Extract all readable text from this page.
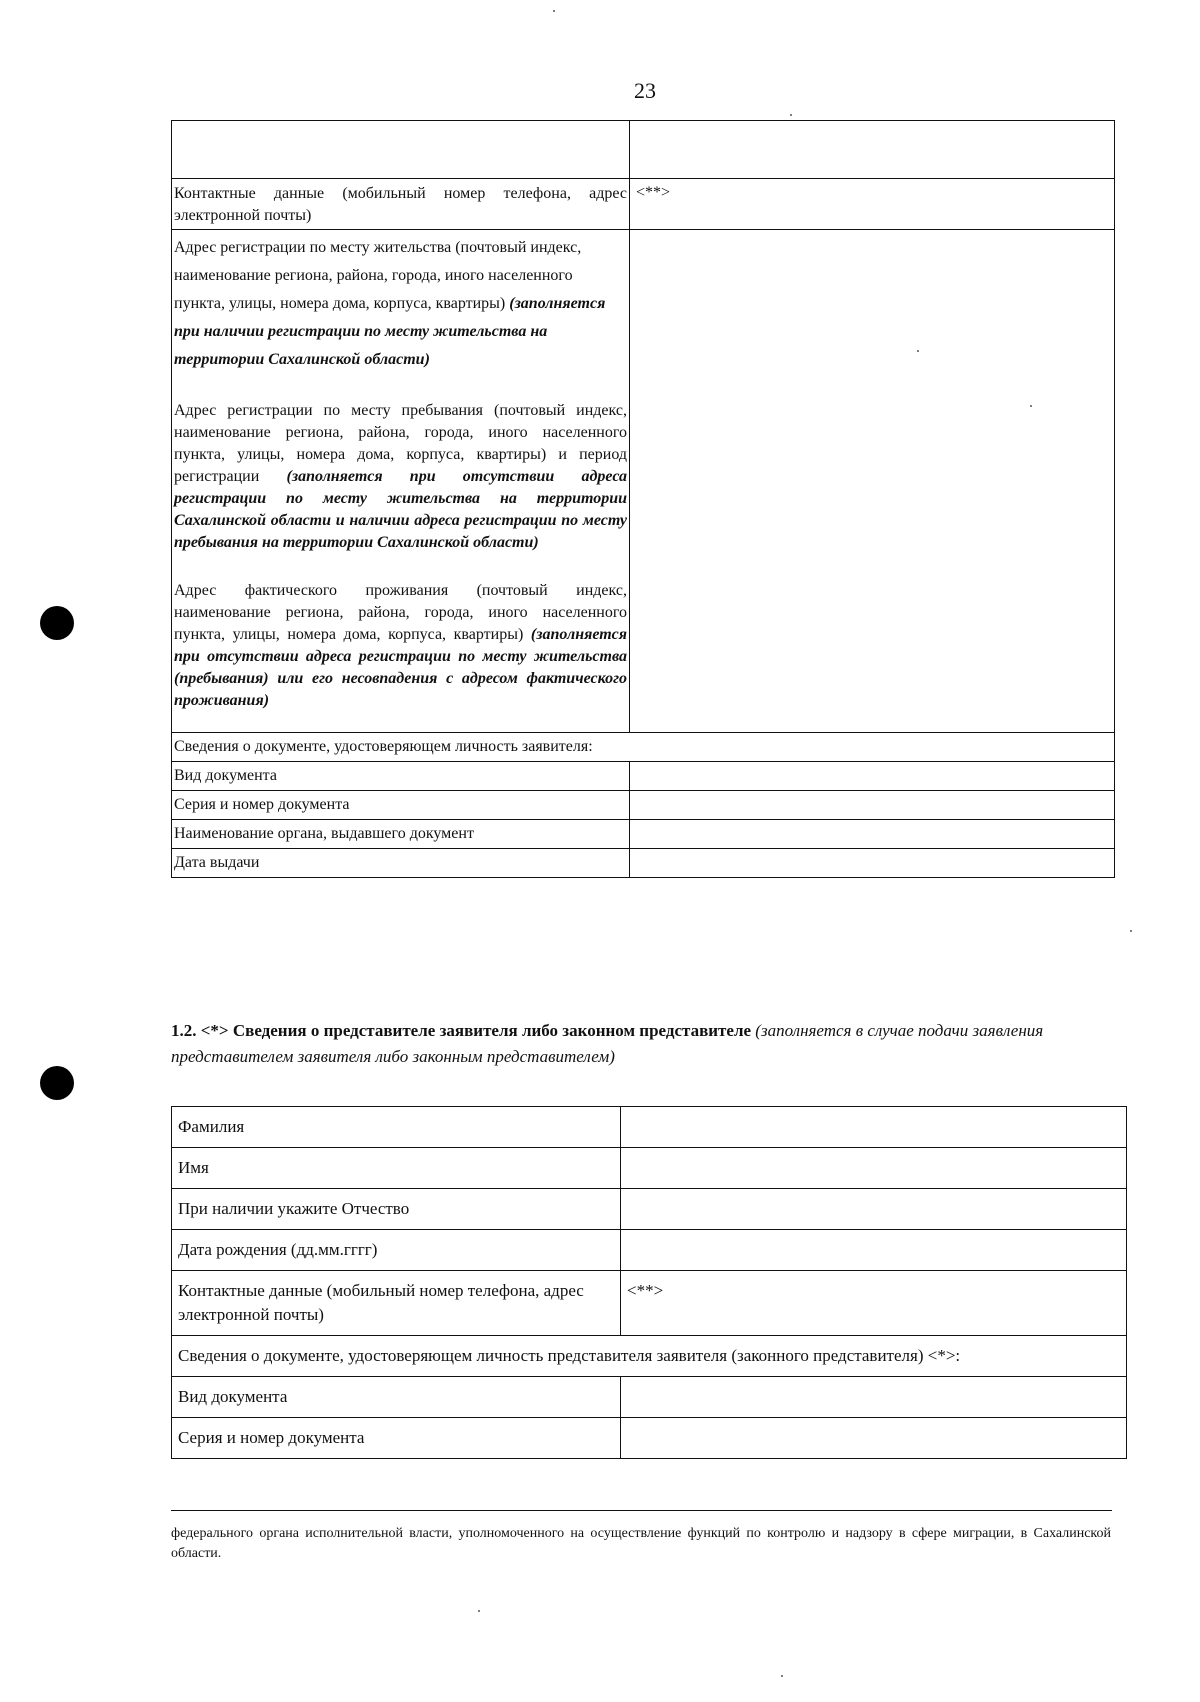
23

Контактные данные (мобильный номер телефона, адрес электронной почты)	<**>

Адрес регистрации по месту жительства (почтовый индекс, наименование региона, района, города, иного населенного пункта, улицы, номера дома, корпуса, квартиры) (заполняется при наличии регистрации по месту жительства на территории Сахалинской области)
Адрес регистрации по месту пребывания (почтовый индекс, наименование региона, района, города, иного населенного пункта, улицы, номера дома, корпуса, квартиры) и период регистрации (заполняется при отсутствии адреса регистрации по месту жительства на территории Сахалинской области и наличии адреса регистрации по месту пребывания на территории Сахалинской области)
Адрес фактического проживания (почтовый индекс, наименование региона, района, города, иного населенного пункта, улицы, номера дома, корпуса, квартиры) (заполняется при отсутствии адреса регистрации по месту жительства (пребывания) или его несовпадения с адресом фактического проживания)	

Сведения о документе, удостоверяющем личность заявителя:	
Вид документа	
Серия и номер документа	
Наименование органа, выдавшего документ	
Дата выдачи	
1.2. <*> Сведения о представителе заявителя либо законном представителе (заполняется в случае подачи заявления представителем заявителя либо законным представителем)
Фамилия	
Имя	
При наличии укажите Отчество	
Дата рождения (дд.мм.гггг)	
Контактные данные (мобильный номер телефона, адрес электронной почты)	<**>
Сведения о документе, удостоверяющем личность представителя заявителя (законного представителя) <*>:	
Вид документа	
Серия и номер документа	
федерального органа исполнительной власти, уполномоченного на осуществление функций по контролю и надзору в сфере миграции, в Сахалинской области.
